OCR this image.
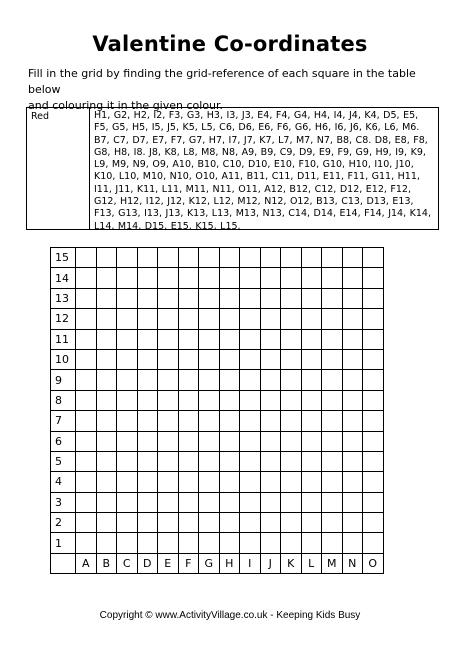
Valentine Co-ordinates
Fill in the grid by finding the grid-reference of each square in the table below
and colouring it in the given colour.
Red	H1, G2, H2, I2, F3, G3, H3, I3, J3, E4, F4, G4, H4, I4, J4, K4, D5, E5, F5, G5, H5, I5, J5, K5, L5, C6, D6, E6, F6, G6, H6, I6, J6, K6, L6, M6. B7, C7, D7, E7, F7, G7, H7, I7, J7, K7, L7, M7, N7, B8, C8. D8, E8, F8, G8, H8, I8. J8, K8, L8, M8, N8, A9, B9, C9, D9, E9, F9, G9, H9, I9, K9, L9, M9, N9, O9, A10, B10, C10, D10, E10, F10, G10, H10, I10, J10, K10, L10, M10, N10, O10, A11, B11, C11, D11, E11, F11, G11, H11, I11, J11, K11, L11, M11, N11, O11, A12, B12, C12, D12, E12, F12, G12, H12, I12, J12, K12, L12, M12, N12, O12, B13, C13, D13, E13, F13, G13, I13, J13, K13, L13, M13, N13, C14, D14, E14, F14, J14, K14, L14, M14, D15, E15, K15, L15.
15															
14															
13															
12															
11															
10															
9															
8															
7															
6															
5															
4															
3															
2															
1															
	A	B	C	D	E	F	G	H	I	J	K	L	M	N	O
Copyright © www.ActivityVillage.co.uk - Keeping Kids Busy
